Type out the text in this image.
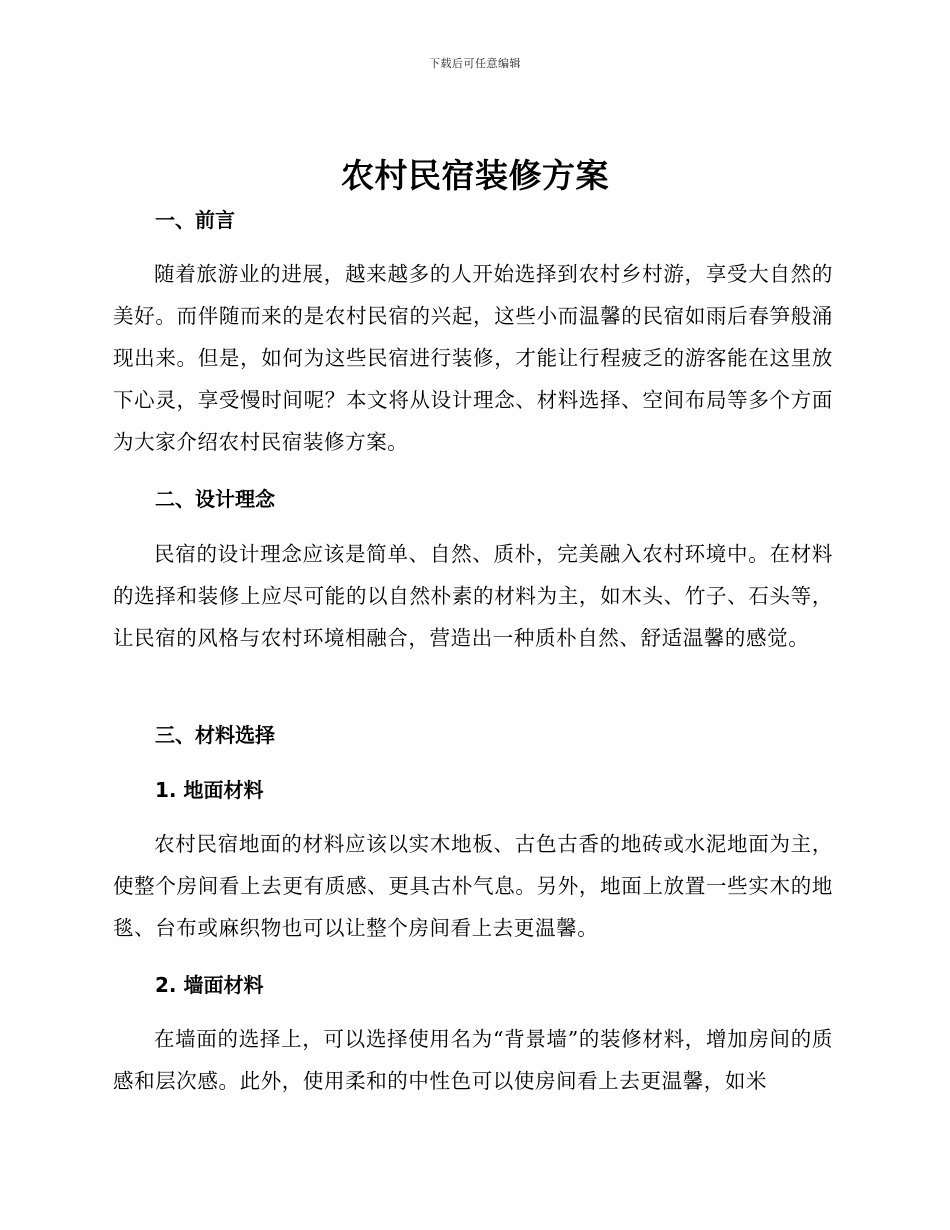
下载后可任意编辑
农村民宿装修方案
一、前言

随着旅游业的进展，越来越多的人开始选择到农村乡村游，享受大自然的美好。而伴随而来的是农村民宿的兴起，这些小而温馨的民宿如雨后春笋般涌现出来。但是，如何为这些民宿进行装修，才能让行程疲乏的游客能在这里放下心灵，享受慢时间呢？本文将从设计理念、材料选择、空间布局等多个方面为大家介绍农村民宿装修方案。

二、设计理念

民宿的设计理念应该是简单、自然、质朴，完美融入农村环境中。在材料的选择和装修上应尽可能的以自然朴素的材料为主，如木头、竹子、石头等，让民宿的风格与农村环境相融合，营造出一种质朴自然、舒适温馨的感觉。

三、材料选择
1. 地面材料

农村民宿地面的材料应该以实木地板、古色古香的地砖或水泥地面为主，使整个房间看上去更有质感、更具古朴气息。另外，地面上放置一些实木的地毯、台布或麻织物也可以让整个房间看上去更温馨。

2. 墙面材料

在墙面的选择上，可以选择使用名为“背景墙”的装修材料，增加房间的质感和层次感。此外，使用柔和的中性色可以使房间看上去更温馨，如米
